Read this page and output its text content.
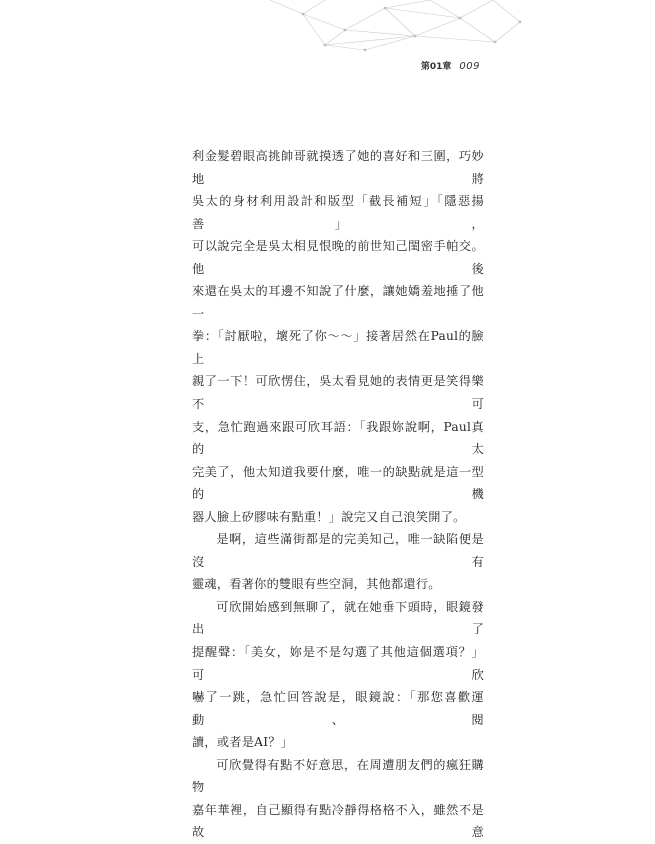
第01章 009

利金髮碧眼高挑帥哥就摸透了她的喜好和三圍，巧妙地將

吳太的身材利用設計和版型「截長補短」「隱惡揚善」，

可以說完全是吳太相見恨晚的前世知己閨密手帕交。他後

來還在吳太的耳邊不知說了什麼，讓她嬌羞地捶了他一

拳：「討厭啦，壞死了你～～」接著居然在Paul的臉上

親了一下！可欣愣住，吳太看見她的表情更是笑得樂不可

支，急忙跑過來跟可欣耳語：「我跟妳說啊，Paul真的太

完美了，他太知道我要什麼，唯一的缺點就是這一型的機

器人臉上矽膠味有點重！」說完又自己浪笑開了。

是啊，這些滿街都是的完美知己，唯一缺陷便是沒有

靈魂，看著你的雙眼有些空洞，其他都還行。

可欣開始感到無聊了，就在她垂下頭時，眼鏡發出了

提醒聲：「美女，妳是不是勾選了其他這個選項？」可欣

嚇了一跳，急忙回答說是，眼鏡說：「那您喜歡運動、閱

讀，或者是AI？」

可欣覺得有點不好意思，在周遭朋友們的瘋狂購物

嘉年華裡，自己顯得有點冷靜得格格不入，雖然不是故意
